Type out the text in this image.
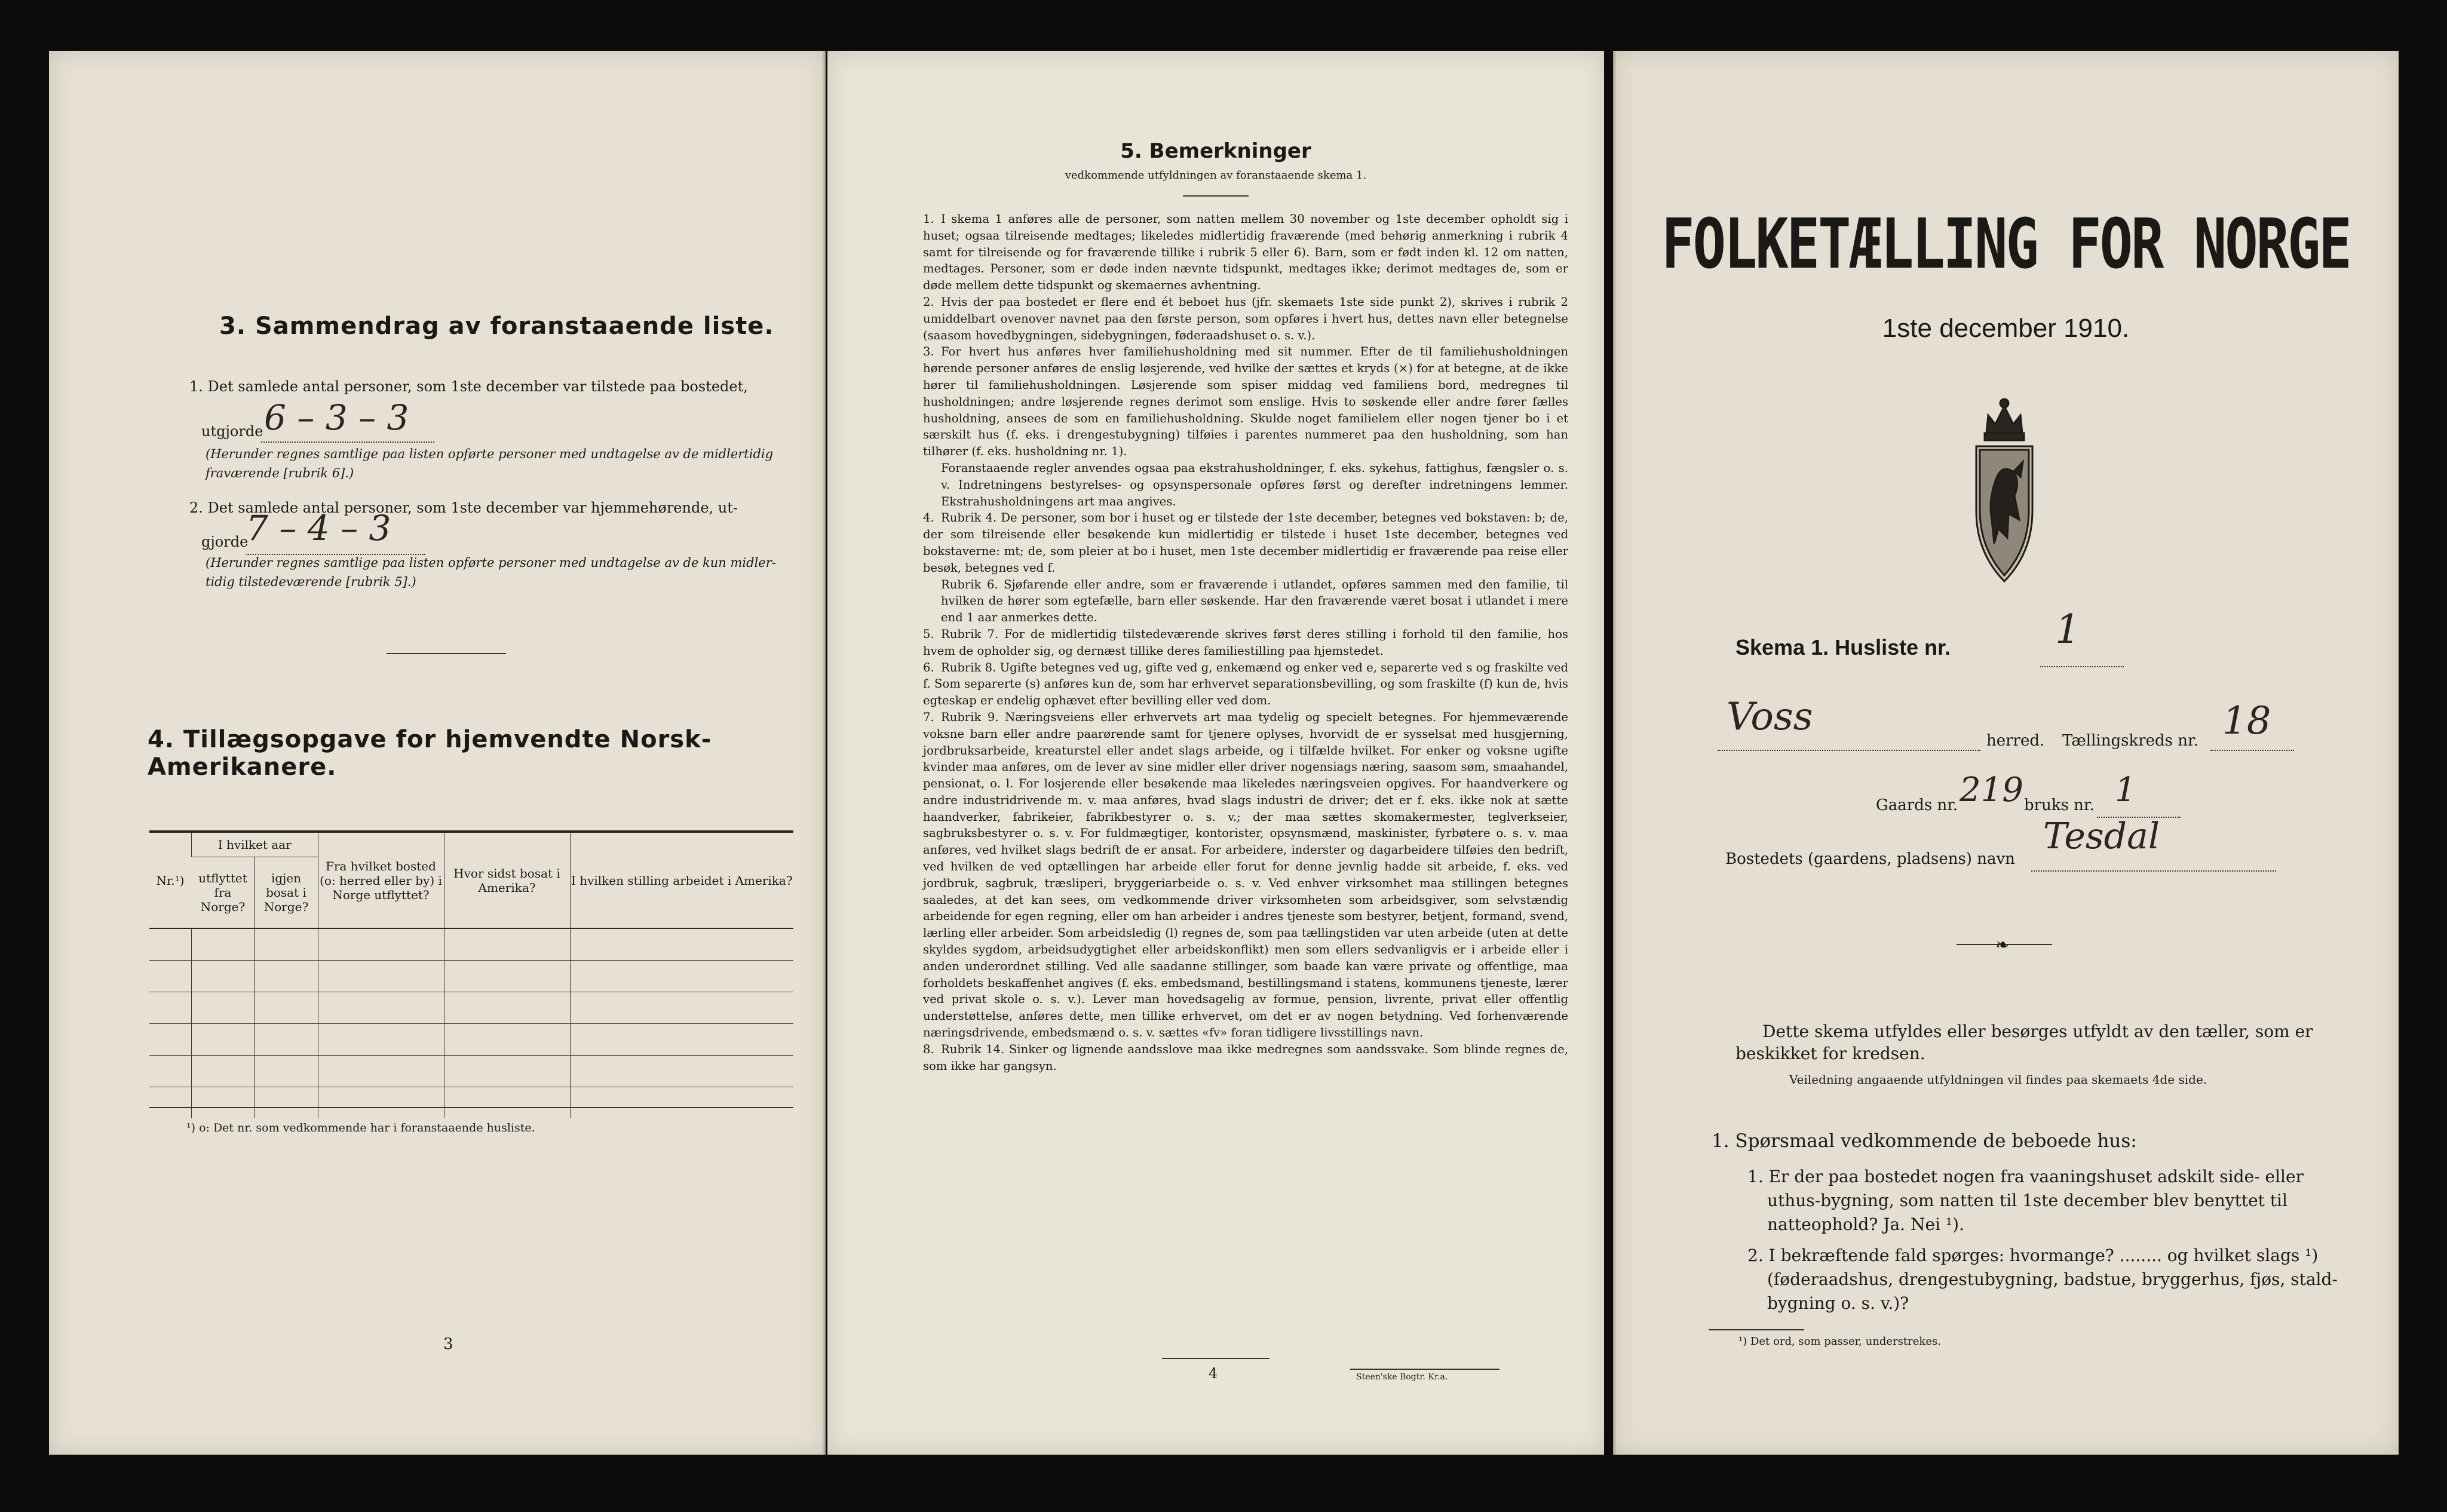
3. Sammendrag av foranstaaende liste.
1. Det samlede antal personer, som 1ste december var tilstede paa bostedet,
utgjorde 6 – 3 – 3
(Herunder regnes samtlige paa listen opførte personer med undtagelse av de midlertidig
fraværende [rubrik 6].)
2. Det samlede antal personer, som 1ste december var hjemmehørende, ut-
gjorde
7 – 4 – 3
(Herunder regnes samtlige paa listen opførte personer med undtagelse av de kun midler-
tidig tilstedeværende [rubrik 5].)
4. Tillægsopgave for hjemvendte Norsk-Amerikanere.
Nr.¹)	I hvilket aar		Fra hvilket bosted (o: herred eller by) i Norge utflyttet?	Hvor sidst bosat i Amerika?	I hvilken stilling arbeidet i Amerika?
	utflyttet fra Norge?	igjen bosat i Norge?			

¹) o: Det nr. som vedkommende har i foranstaaende husliste.
3
5. Bemerkninger
vedkommende utfyldningen av foranstaaende skema 1.

1. I skema 1 anføres alle de personer, som natten mellem 30 november og 1ste december opholdt sig i huset; ogsaa tilreisende medtages; likeledes midlertidig fraværende (med behørig anmerkning i rubrik 4 samt for tilreisende og for fraværende tillike i rubrik 5 eller 6). Barn, som er født inden kl. 12 om natten, medtages. Personer, som er døde inden nævnte tidspunkt, medtages ikke; derimot medtages de, som er døde mellem dette tidspunkt og skemaernes avhentning.

2. Hvis der paa bostedet er flere end ét beboet hus (jfr. skemaets 1ste side punkt 2), skrives i rubrik 2 umiddelbart ovenover navnet paa den første person, som opføres i hvert hus, dettes navn eller betegnelse (saasom hovedbygningen, sidebygningen, føderaadshuset o. s. v.).

3. For hvert hus anføres hver familiehusholdning med sit nummer. Efter de til familiehusholdningen hørende personer anføres de enslig løsjerende, ved hvilke der sættes et kryds (×) for at betegne, at de ikke hører til familiehusholdningen. Løsjerende som spiser middag ved familiens bord, medregnes til husholdningen; andre løsjerende regnes derimot som enslige. Hvis to søskende eller andre fører fælles husholdning, ansees de som en familiehusholdning. Skulde noget familielem eller nogen tjener bo i et særskilt hus (f. eks. i drengestubygning) tilføies i parentes nummeret paa den husholdning, som han tilhører (f. eks. husholdning nr. 1).

Foranstaaende regler anvendes ogsaa paa ekstrahusholdninger, f. eks. sykehus, fattighus, fængsler o. s. v. Indretningens bestyrelses- og opsynspersonale opføres først og derefter indretningens lemmer. Ekstrahusholdningens art maa angives.

4. Rubrik 4. De personer, som bor i huset og er tilstede der 1ste december, betegnes ved bokstaven: b; de, der som tilreisende eller besøkende kun midlertidig er tilstede i huset 1ste december, betegnes ved bokstaverne: mt; de, som pleier at bo i huset, men 1ste december midlertidig er fraværende paa reise eller besøk, betegnes ved f.

Rubrik 6. Sjøfarende eller andre, som er fraværende i utlandet, opføres sammen med den familie, til hvilken de hører som egtefælle, barn eller søskende. Har den fraværende været bosat i utlandet i mere end 1 aar anmerkes dette.

5. Rubrik 7. For de midlertidig tilstedeværende skrives først deres stilling i forhold til den familie, hos hvem de opholder sig, og dernæst tillike deres familiestilling paa hjemstedet.

6. Rubrik 8. Ugifte betegnes ved ug, gifte ved g, enkemænd og enker ved e, separerte ved s og fraskilte ved f. Som separerte (s) anføres kun de, som har erhvervet separationsbevilling, og som fraskilte (f) kun de, hvis egteskap er endelig ophævet efter bevilling eller ved dom.

7. Rubrik 9. Næringsveiens eller erhvervets art maa tydelig og specielt betegnes. For hjemmeværende voksne barn eller andre paarørende samt for tjenere oplyses, hvorvidt de er sysselsat med husgjerning, jordbruksarbeide, kreaturstel eller andet slags arbeide, og i tilfælde hvilket. For enker og voksne ugifte kvinder maa anføres, om de lever av sine midler eller driver nogensiags næring, saasom søm, smaahandel, pensionat, o. l. For losjerende eller besøkende maa likeledes næringsveien opgives. For haandverkere og andre industridrivende m. v. maa anføres, hvad slags industri de driver; det er f. eks. ikke nok at sætte haandverker, fabrikeier, fabrikbestyrer o. s. v.; der maa sættes skomakermester, teglverkseier, sagbruksbestyrer o. s. v. For fuldmægtiger, kontorister, opsynsmænd, maskinister, fyrbøtere o. s. v. maa anføres, ved hvilket slags bedrift de er ansat. For arbeidere, inderster og dagarbeidere tilføies den bedrift, ved hvilken de ved optællingen har arbeide eller forut for denne jevnlig hadde sit arbeide, f. eks. ved jordbruk, sagbruk, træsliperi, bryggeriarbeide o. s. v. Ved enhver virksomhet maa stillingen betegnes saaledes, at det kan sees, om vedkommende driver virksomheten som arbeidsgiver, som selvstændig arbeidende for egen regning, eller om han arbeider i andres tjeneste som bestyrer, betjent, formand, svend, lærling eller arbeider. Som arbeidsledig (l) regnes de, som paa tællingstiden var uten arbeide (uten at dette skyldes sygdom, arbeidsudygtighet eller arbeidskonflikt) men som ellers sedvanligvis er i arbeide eller i anden underordnet stilling. Ved alle saadanne stillinger, som baade kan være private og offentlige, maa forholdets beskaffenhet angives (f. eks. embedsmand, bestillingsmand i statens, kommunens tjeneste, lærer ved privat skole o. s. v.). Lever man hovedsagelig av formue, pension, livrente, privat eller offentlig understøttelse, anføres dette, men tillike erhvervet, om det er av nogen betydning. Ved forhenværende næringsdrivende, embedsmænd o. s. v. sættes «fv» foran tidligere livsstillings navn.

8. Rubrik 14. Sinker og lignende aandsslove maa ikke medregnes som aandssvake. Som blinde regnes de, som ikke har gangsyn.

4	Steen'ske Bogtr. Kr.a.
FOLKETÆLLING FOR NORGE
1ste december 1910.
Skema 1. Husliste nr.	1
Voss
herred. Tællingskreds nr. 18
Gaards nr. 219 bruks nr. 1
Bostedets (gaardens, pladsens) navn
Tesdal
❧
Dette skema utfyldes eller besørges utfyldt av den tæller, som er
beskikket for kredsen.
Veiledning angaaende utfyldningen vil findes paa skemaets 4de side.
1. Spørsmaal vedkommende de beboede hus:
1. Er der paa bostedet nogen fra vaaningshuset adskilt side- eller
uthus-bygning, som natten til 1ste december blev benyttet til
natteophold? Ja. Nei ¹).
2. I bekræftende fald spørges: hvormange? ........ og hvilket slags ¹)
(føderaadshus, drengestubygning, badstue, bryggerhus, fjøs, stald-
bygning o. s. v.)?
¹) Det ord, som passer, understrekes.
